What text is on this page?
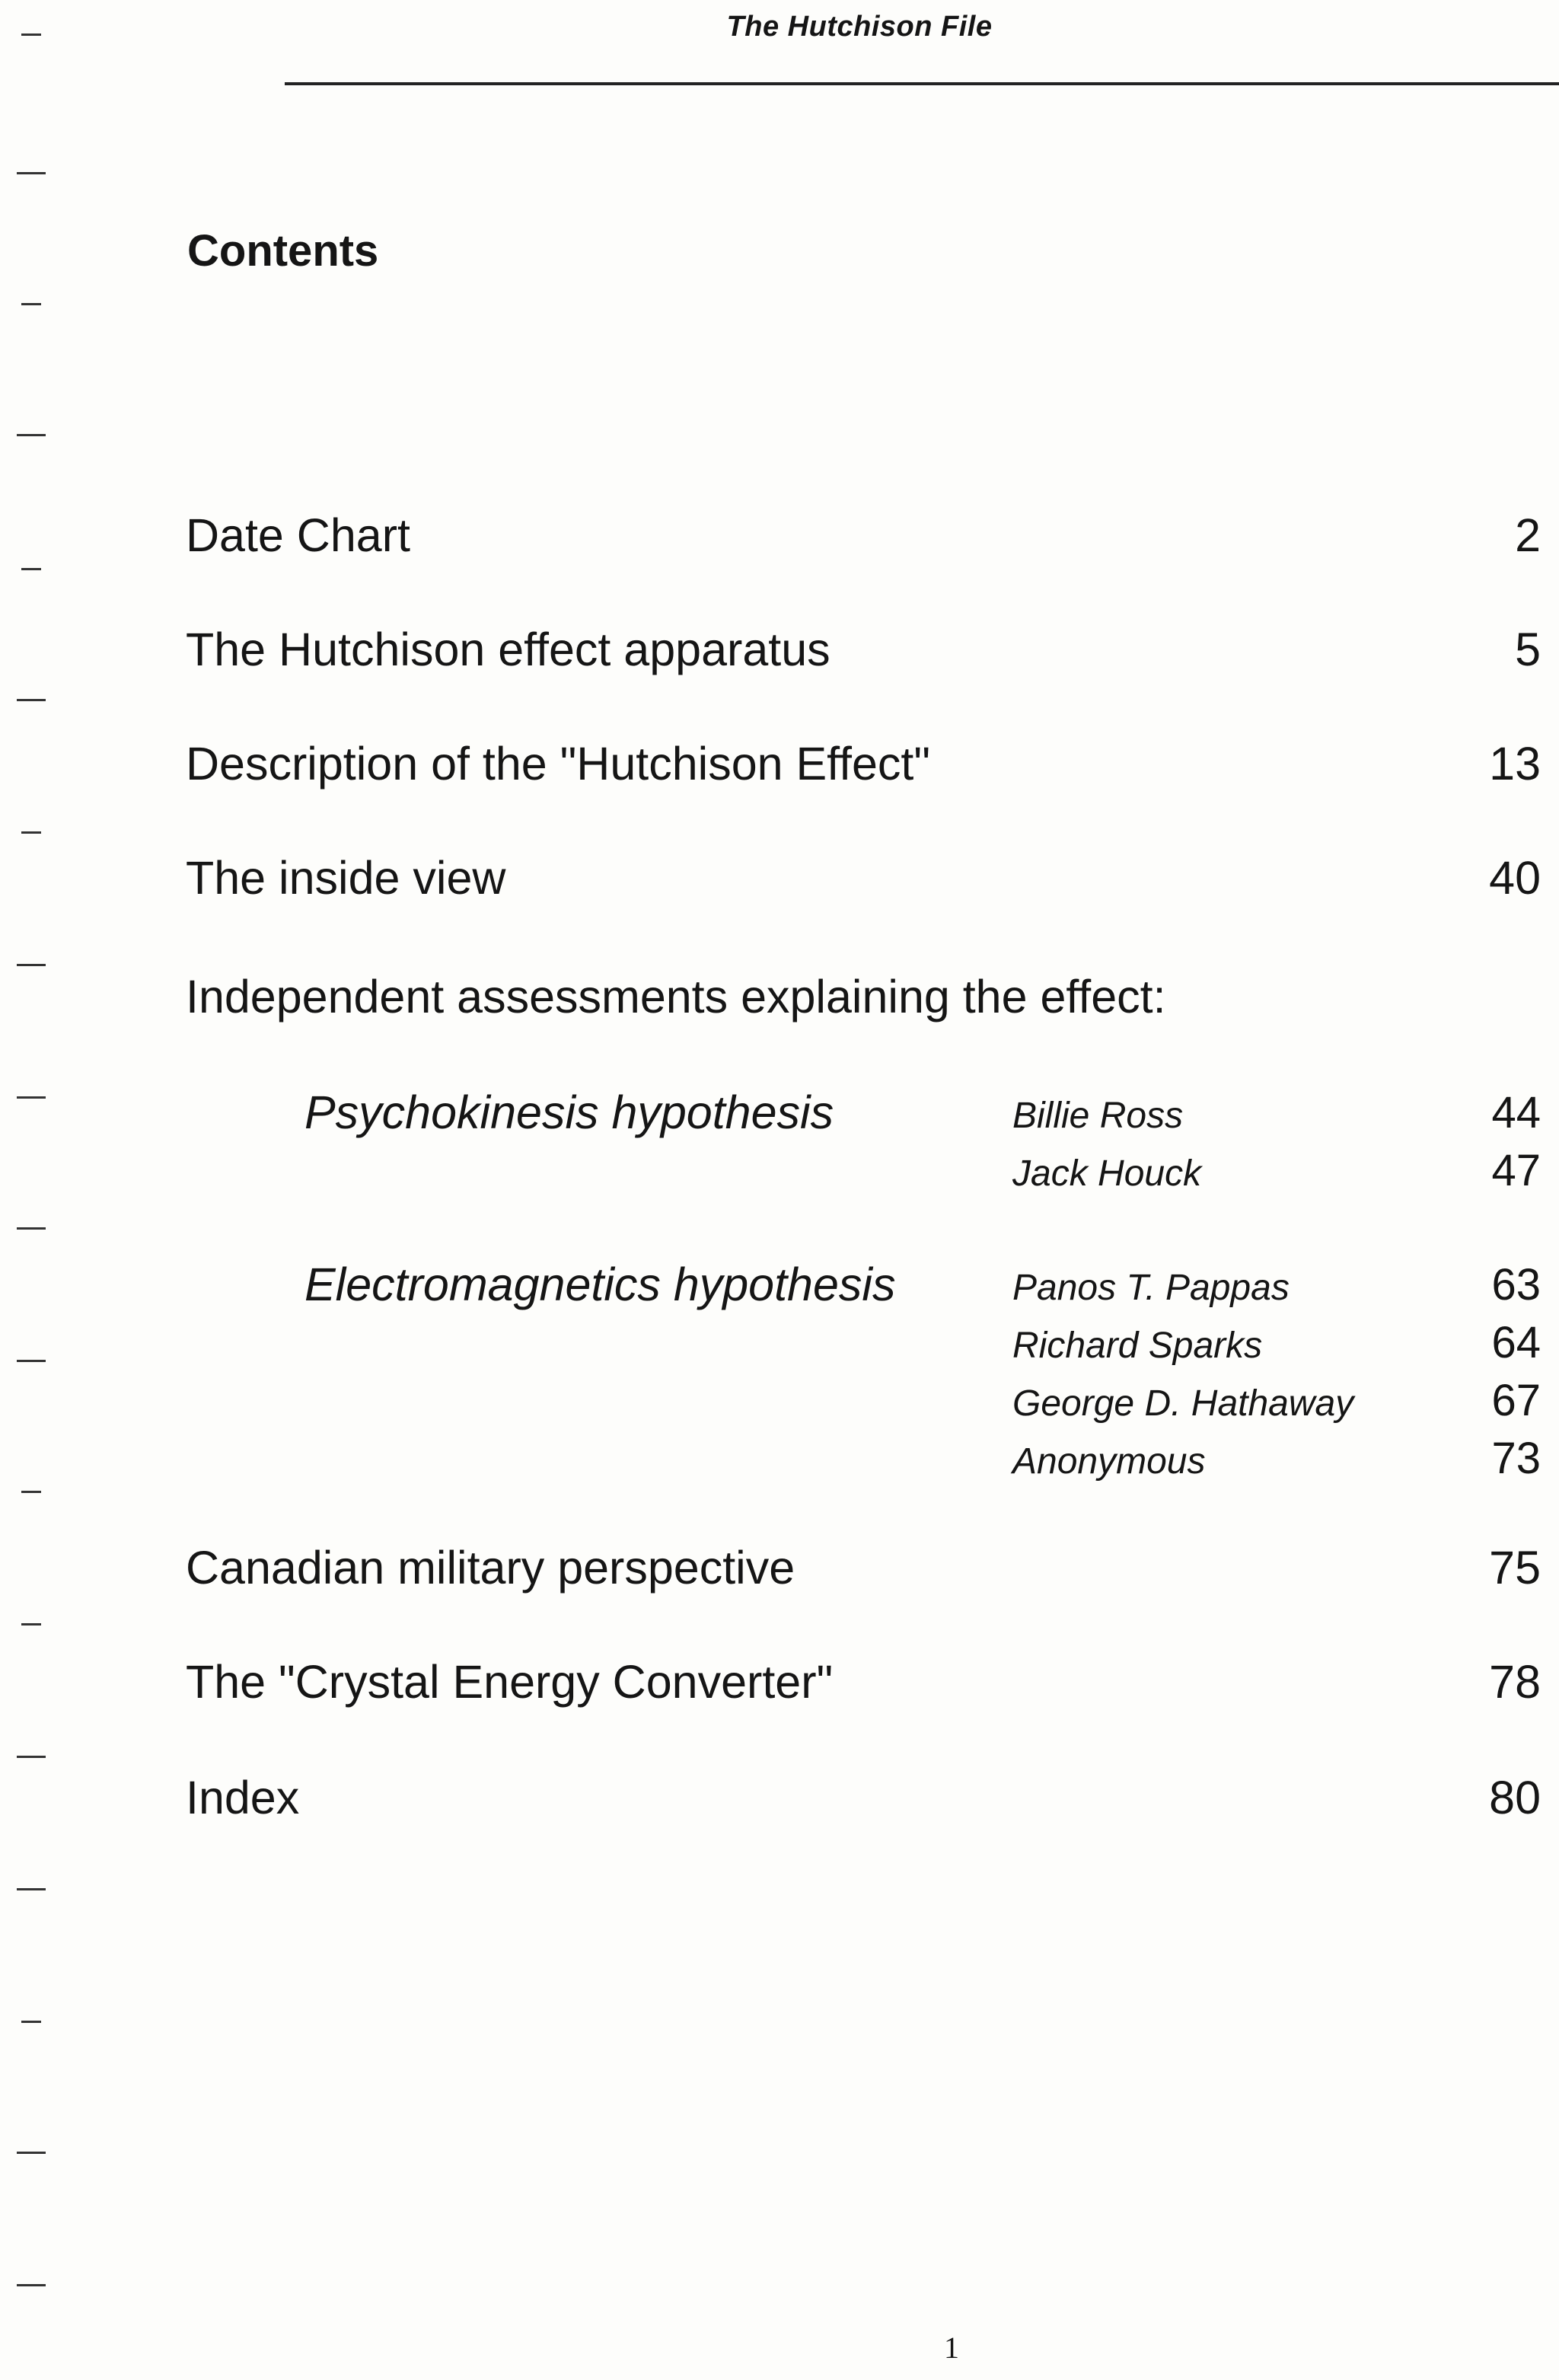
The Hutchison File
Contents
Date Chart	2
The Hutchison effect apparatus	5
Description of the "Hutchison Effect"	13
The inside view	40
Independent assessments explaining the effect:
Psychokinesis hypothesis	Billie Ross	44
Jack Houck	47
Electromagnetics hypothesis	Panos T. Pappas	63
Richard Sparks	64
George D. Hathaway	67
Anonymous	73
Canadian military perspective	75
The "Crystal Energy Converter"	78
Index	80
1
